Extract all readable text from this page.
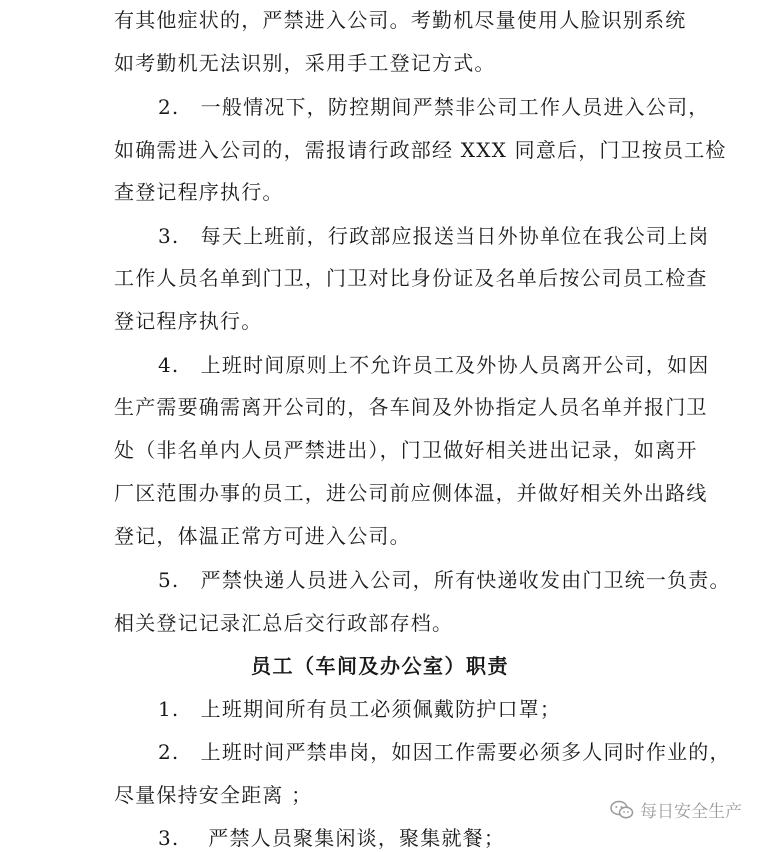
有其他症状的，严禁进入公司。考勤机尽量使用人脸识别系统
如考勤机无法识别，采用手工登记方式。
2.　一般情况下，防控期间严禁非公司工作人员进入公司，
如确需进入公司的，需报请行政部经 XXX 同意后，门卫按员工检
查登记程序执行。
3.　每天上班前，行政部应报送当日外协单位在我公司上岗
工作人员名单到门卫，门卫对比身份证及名单后按公司员工检查
登记程序执行。
4.　上班时间原则上不允许员工及外协人员离开公司，如因
生产需要确需离开公司的，各车间及外协指定人员名单并报门卫
处（非名单内人员严禁进出），门卫做好相关进出记录，如离开
厂区范围办事的员工，进公司前应侧体温，并做好相关外出路线
登记，体温正常方可进入公司。
5.　严禁快递人员进入公司，所有快递收发由门卫统一负责。
相关登记记录汇总后交行政部存档。
员工（车间及办公室）职责
1.　上班期间所有员工必须佩戴防护口罩；
2.　上班时间严禁串岗，如因工作需要必须多人同时作业的，
尽量保持安全距离 ；
3.　 严禁人员聚集闲谈，聚集就餐；
每日安全生产
